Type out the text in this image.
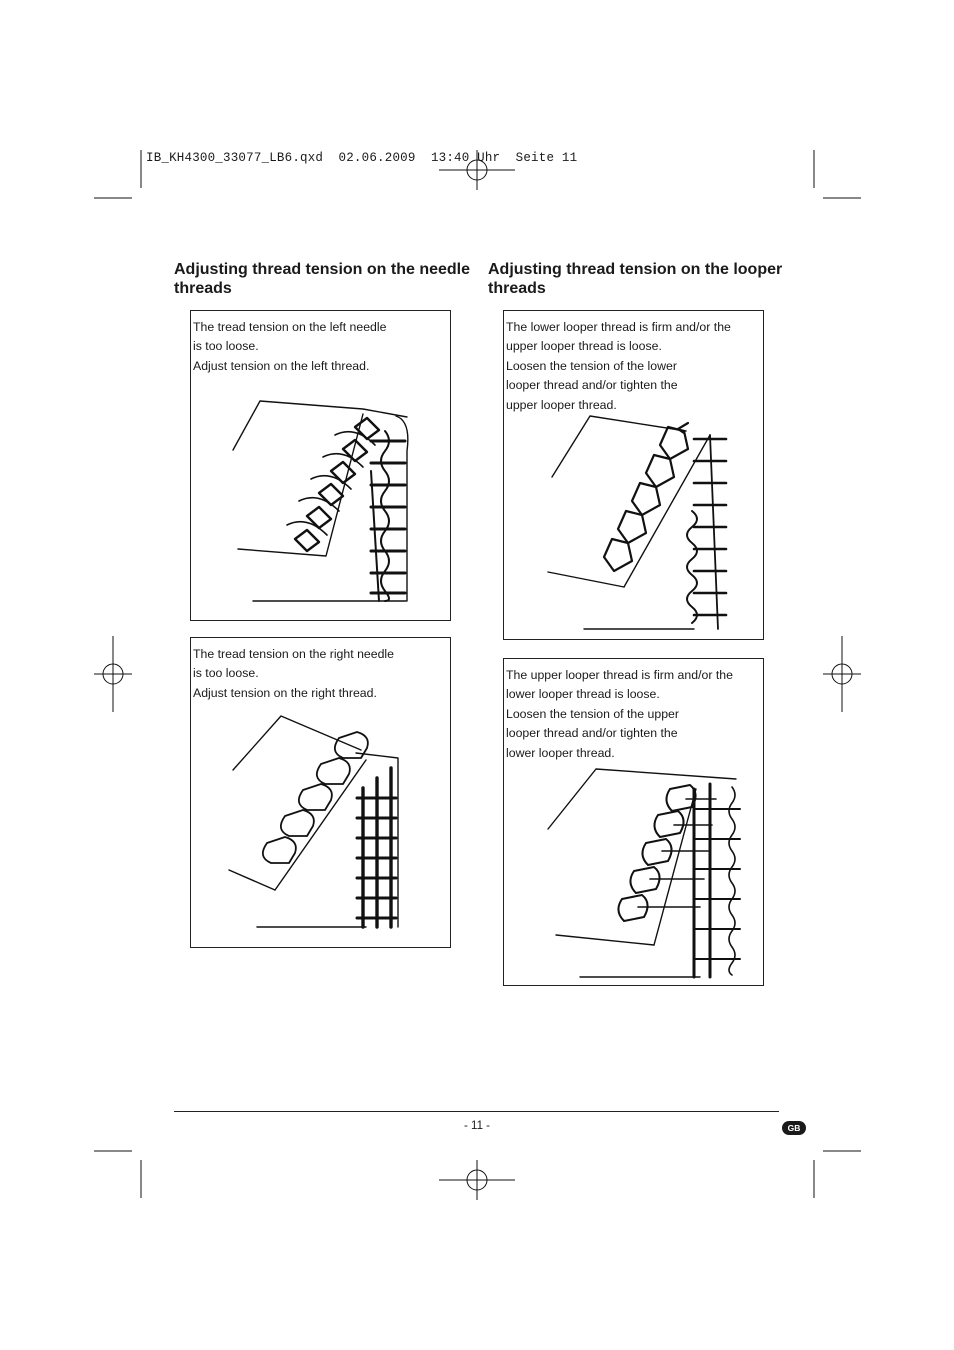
IB_KH4300_33077_LB6.qxd  02.06.2009  13:40 Uhr  Seite 11
Adjusting thread tension on the needle
threads
Adjusting thread tension on the looper
threads
The tread tension on the left needle
is too loose.
Adjust tension on the left thread.
The tread tension on the right needle
is too loose.
Adjust tension on the right thread.
The lower looper thread is firm and/or the
upper looper thread is loose.
Loosen the tension of the lower
looper thread and/or tighten the
upper looper thread.
The upper looper thread is firm and/or the
lower looper thread is loose.
Loosen the tension of the upper
looper thread and/or tighten the
lower looper thread.
- 11 -	GB
